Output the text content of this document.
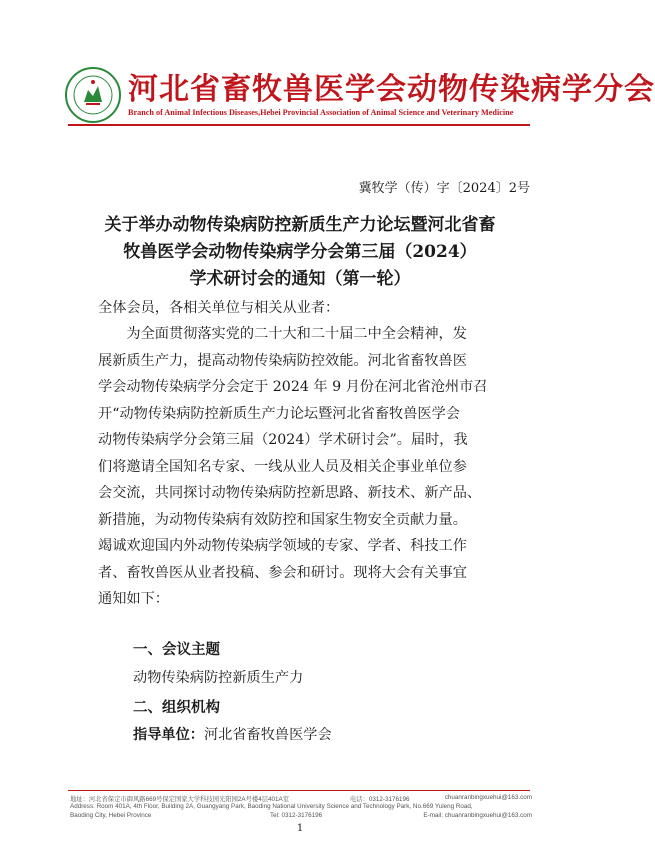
河北省畜牧兽医学会动物传染病学分会
Branch of Animal Infectious Diseases,Hebei Provincial Association of Animal Science and Veterinary Medicine
冀牧学（传）字〔2024〕2号
关于举办动物传染病防控新质生产力论坛暨河北省畜
牧兽医学会动物传染病学分会第三届（2024）
学术研讨会的通知（第一轮）
全体会员，各相关单位与相关从业者：
　　为全面贯彻落实党的二十大和二十届二中全会精神，发
展新质生产力，提高动物传染病防控效能。河北省畜牧兽医
学会动物传染病学分会定于 2024 年 9 月份在河北省沧州市召
开“动物传染病防控新质生产力论坛暨河北省畜牧兽医学会
动物传染病学分会第三届（2024）学术研讨会”。届时，我
们将邀请全国知名专家、一线从业人员及相关企事业单位参
会交流，共同探讨动物传染病防控新思路、新技术、新产品、
新措施，为动物传染病有效防控和国家生物安全贡献力量。
竭诚欢迎国内外动物传染病学领域的专家、学者、科技工作
者、畜牧兽医从业者投稿、参会和研讨。现将大会有关事宜
通知如下：
一、会议主题
动物传染病防控新质生产力
二、组织机构
指导单位：河北省畜牧兽医学会
地址：河北省保定市御风路669号保定国家大学科技园光阳园2A号楼4层401A室	电话：0312-3176196	chuanranbingxuehui@163.com
Address: Room 401A, 4th Floor, Building 2A, Guangyang Park, Baoding National University Science and Technology Park, No.669 Yuleng Road,
Baoding City, Hebei Province	Tel: 0312-3176196	E-mail: chuanranbingxuehui@163.com
1
